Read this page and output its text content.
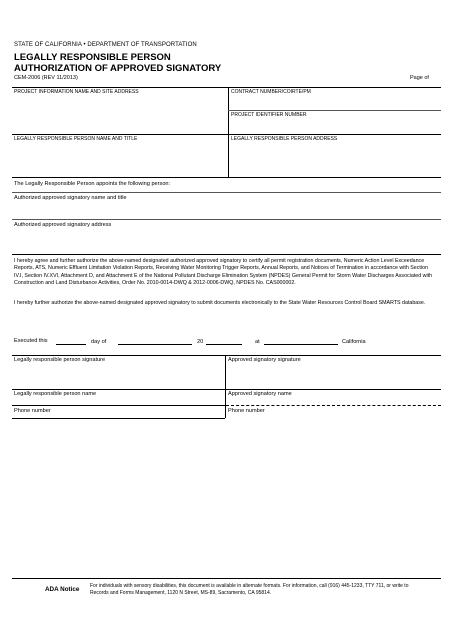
STATE OF CALIFORNIA • DEPARTMENT OF TRANSPORTATION
LEGALLY RESPONSIBLE PERSON
AUTHORIZATION OF APPROVED SIGNATORY
CEM-2006 (REV 11/2013)	Page of
PROJECT INFORMATION NAME AND SITE ADDRESS	CONTRACT NUMBER/COIRTE/PM
PROJECT IDENTIFIER NUMBER
LEGALLY RESPONSIBLE PERSON NAME AND TITLE	LEGALLY RESPONSIBLE PERSON ADDRESS
The Legally Responsible Person appoints the following person:
Authorized approved signatory name and title
Authorized approved signatory address
I hereby agree and further authorize the above-named designated authorized approved signatory to certify all permit registration documents, Numeric Action Level Exceedance Reports, ATS, Numeric Effluent Limitation Violation Reports, Receiving Water Monitoring Trigger Reports, Annual Reports, and Notices of Termination in accordance with Section IV.I, Section IV.XVI, Attachment D, and Attachment E of the National Pollutant Discharge Elimination System (NPDES) General Permit for Storm Water Discharges Associated with Construction and Land Disturbance Activities, Order No. 2010-0014-DWQ & 2012-0006-DWQ, NPDES No. CAS000002.
I hereby further authorize the above-named designated approved signatory to submit documents electronically to the State Water Resources Control Board SMARTS database.
Executed this	day of	20	at	California
Legally responsible person signature	Approved signatory signature
Legally responsible person name	Approved signatory name
Phone number	Phone number
ADA Notice For individuals with sensory disabilities, this document is available in alternate formats. For information, call (916) 445-1233, TTY 711, or write to Records and Forms Management, 1120 N Street, MS-89, Sacramento, CA 95814.
